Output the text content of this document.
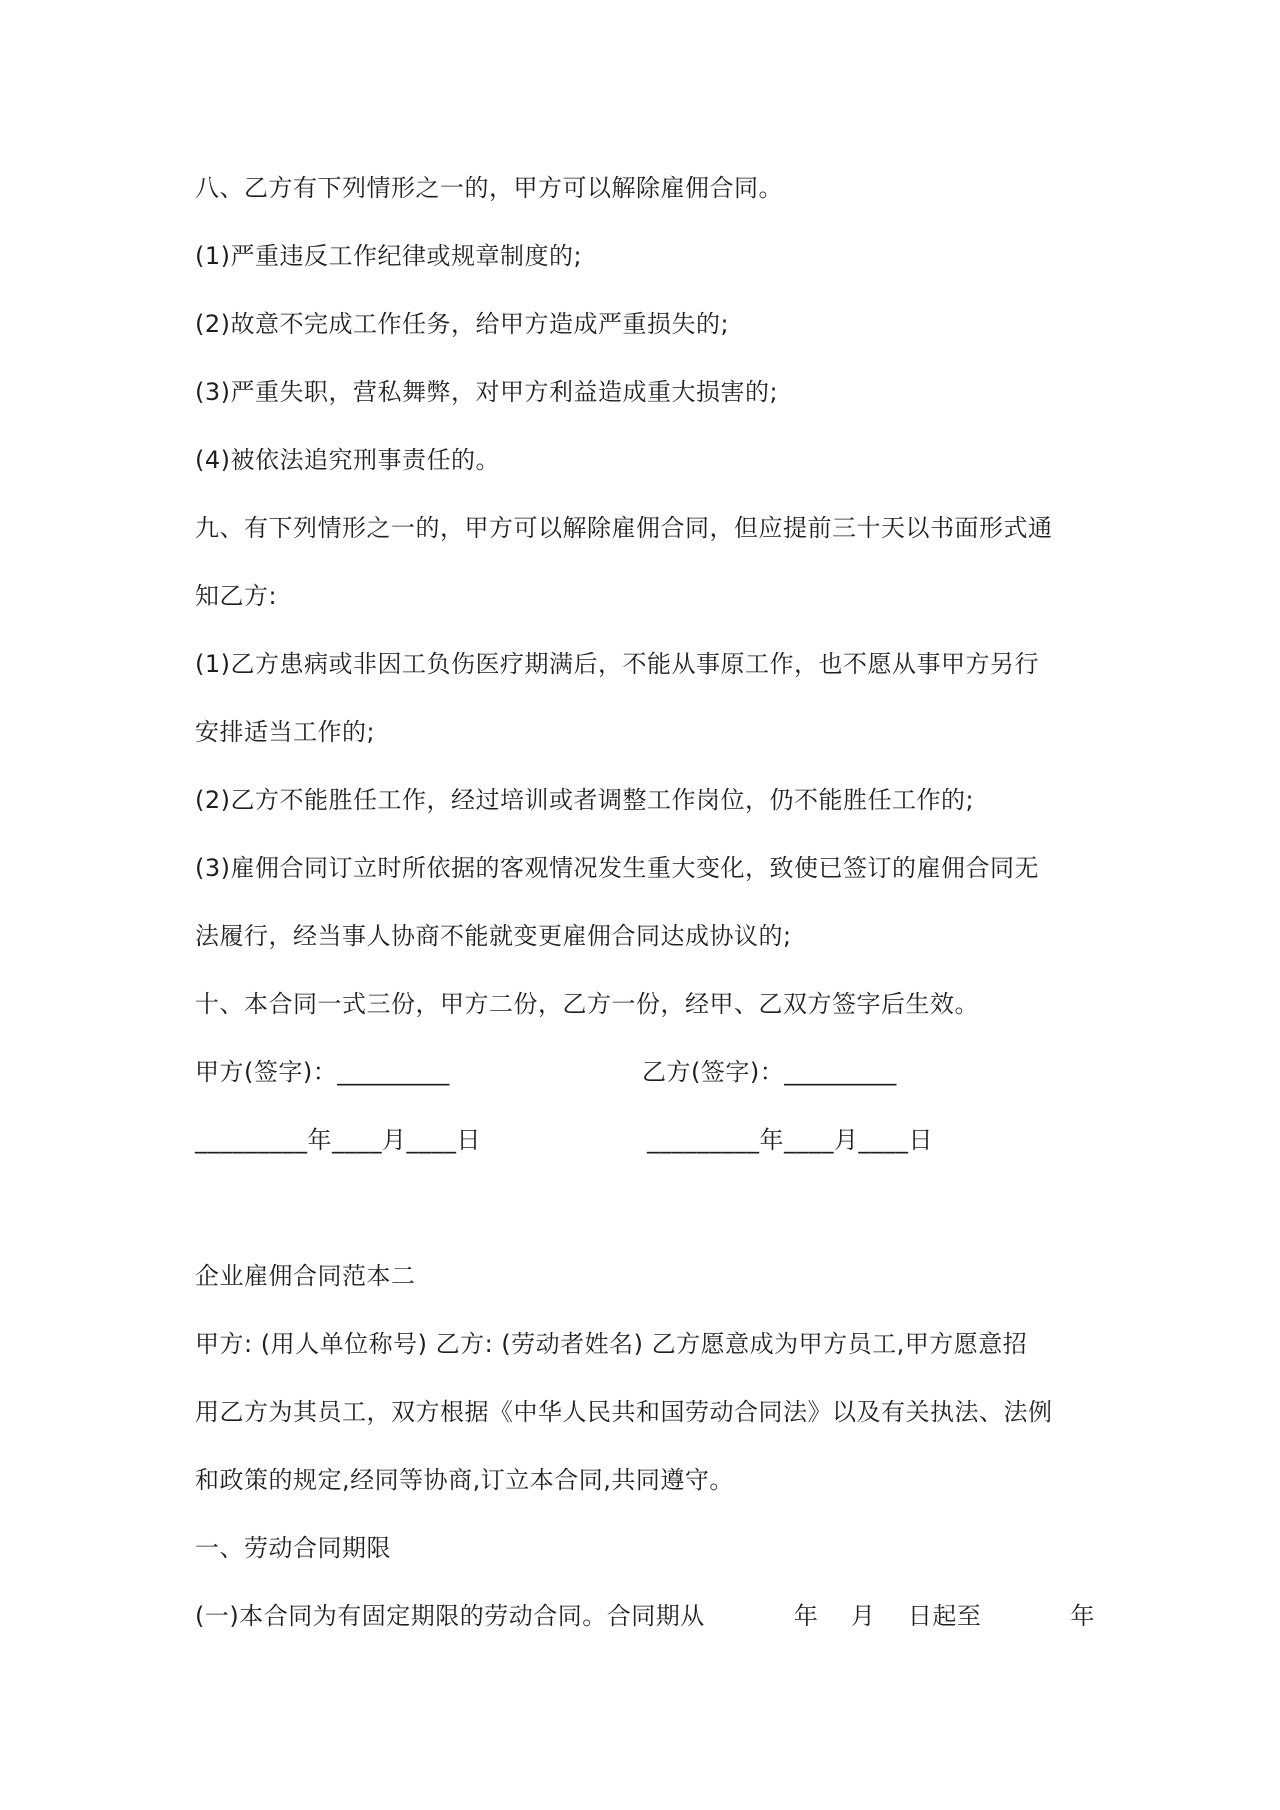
八、乙方有下列情形之一的，甲方可以解除雇佣合同。
(1)严重违反工作纪律或规章制度的;
(2)故意不完成工作任务，给甲方造成严重损失的;
(3)严重失职，营私舞弊，对甲方利益造成重大损害的;
(4)被依法追究刑事责任的。
九、有下列情形之一的，甲方可以解除雇佣合同，但应提前三十天以书面形式通
知乙方:
(1)乙方患病或非因工负伤医疗期满后，不能从事原工作，也不愿从事甲方另行
安排适当工作的;
(2)乙方不能胜任工作，经过培训或者调整工作岗位，仍不能胜任工作的;
(3)雇佣合同订立时所依据的客观情况发生重大变化，致使已签订的雇佣合同无
法履行，经当事人协商不能就变更雇佣合同达成协议的;
十、本合同一式三份，甲方二份，乙方一份，经甲、乙双方签字后生效。
甲方(签字)：_________	乙方(签字)：_________
_________年____月____日	_________年____月____日
企业雇佣合同范本二
甲方: (用人单位称号) 乙方: (劳动者姓名) 乙方愿意成为甲方员工,甲方愿意招
用乙方为其员工，双方根据《中华人民共和国劳动合同法》以及有关执法、法例
和政策的规定,经同等协商,订立本合同,共同遵守。
一、劳动合同期限
(一)本合同为有固定期限的劳动合同。合同期从	年    月    日起至	年
